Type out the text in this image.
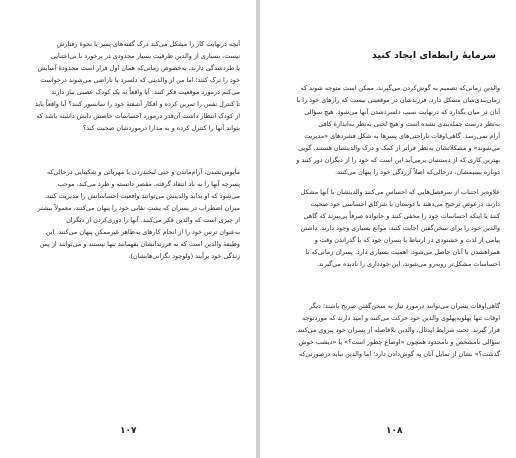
آنچه درنهایت کار را مشکل می‌کند درک گفته‌های پسر یا نحوهٔ رفتارش
نیست، بسیاری از والدین ظرفیت بسیار محدودی در برخورد با بی‌اعتنایی
یا طردشدگی دارند، به‌خصوص زمانی‌که همان اول قرار است محدودهٔ آسایش
خود را ترک کنند؛ اما من از والدینی که دلسرد یا ناراضی می‌شوند درخواست
می‌کنم درمورد موقعیت فکر کنند: آیا واقعاً به یک کودک عصبی نیاز دارند
تا کنترل نفس را تمرین کرده و افکار آشفتهٔ خود را سانسور کنند؟ آیا واقعاً باید
از کودک انتظار داشت آن‌قدر درمورد احساسات خاصش دانش داشته باشد که
بتواند آنها را کنترل کرده و به مدارا درموردشان صحبت کند؟
مأیوس‌نشدن، آرام‌ماندن و حتی لبخندزدن با مهربانی و شکیبایی درحالی‌که
پسرچه آنها را به باد انتقاد گرفته، مقصر دانسته و طرد می‌کند، موجب
می‌شود که او بداند والدینش می‌توانند واقعیت احساساتش را مدیریت کنند.
میزان اضطراب در پسران که پشتِ نقابی خود را پنهان می‌کنند، معمولاً بیشتر
از چیزی است که والدین فکر می‌کنند. آنها را دوری‌کردن از دیگران
به‌عنوان ترس خود را از انجام کارهای به‌ظاهر غیرممکن پنهان می‌کنند. این
وظیفهٔ والدین است که به فرزندانشان بفهمانند تنها نیستند و می‌توانند از پس
زندگی خود برآیند (ولوجود نگرانی‌هایشان).
۱۰۷
سرمایهٔ رابطه‌ای ایجاد کنید
والدین زمانی‌که تصمیم به گوش‌کردن می‌گیرند، ممکن است متوجه شوند که
زمان‌بندی‌شان مشکل دارد. فرزندشان در موقعیتی نیست که رازهای خود را با
آنان در میان بگذارد که درنهایت سبب دلسردشدن آنها می‌شود. هیچ سؤالی
به‌نظر درست جمله‌بندی نشده است و هیچ لحنی به‌نظر به‌اندازهٔ کافی
آرام نمی‌رسد. گاهی‌اوقات ناراحتی‌های پسرها به شکل فشردهای «مدیریت
می‌شوند» و مشکلاتشان به‌نظر فراتر از کمک و درک والدینشان هستند. گویی
بهترین کاری که از دستشان برمی‌آید این است که خود را از دیگران دور کنند و
دوباره ببینیمشان، درحالی‌که اصلاً آزردگی خود را پنهان می‌کنند.
علاوه‌بر اجتناب از سرفصل‌هایی که احساس می‌کنند والدینشان با آنها مشکل
دارند، درعوض ترجیح می‌دهند با دوستان یا شرکای احساسی خود صحبت
کنند یا اینکه احساسات خود را مخفی کنند و خانواده صرفاً پی‌ببرند که گاهی
والدین خود را برای سخن‌گفتن اجابت کنند، موانع بسیاری وجود دارند. داشتن
پیامی از لذت و خشنودی در ارتباط با پسران خود که با گذراندن وقت و
همراهشدن با آنان حاصل می‌شود، اهمیت بسیاری دارد. پسران زمانی‌که با
احساسات مشکل‌تر روبه‌رو می‌شوند، این خودداری را نادیده می‌گیرند.
گاهی‌اوقات پسران می‌توانند درمورد نیاز به سخن‌گفتن صریح باشند؛ دیگر
اوقات تنها پهلوبه‌پهلوی والدین خود حرکت می‌کنند و امید دارند که موردتوجه
قرار گیرند. تحت شرایط ایدئال، والدین بلافاصله از پسران خود پیروی می‌کنند.
سؤالی نامشخص و نامحدود همچون «اوضاع چطور است؟» یا «دیشب خوش
گذشت؟» نشان از تمایل آنان به گوش‌دادن دارد؛ اما والدین نباید درصورتی‌که
۱۰۸
